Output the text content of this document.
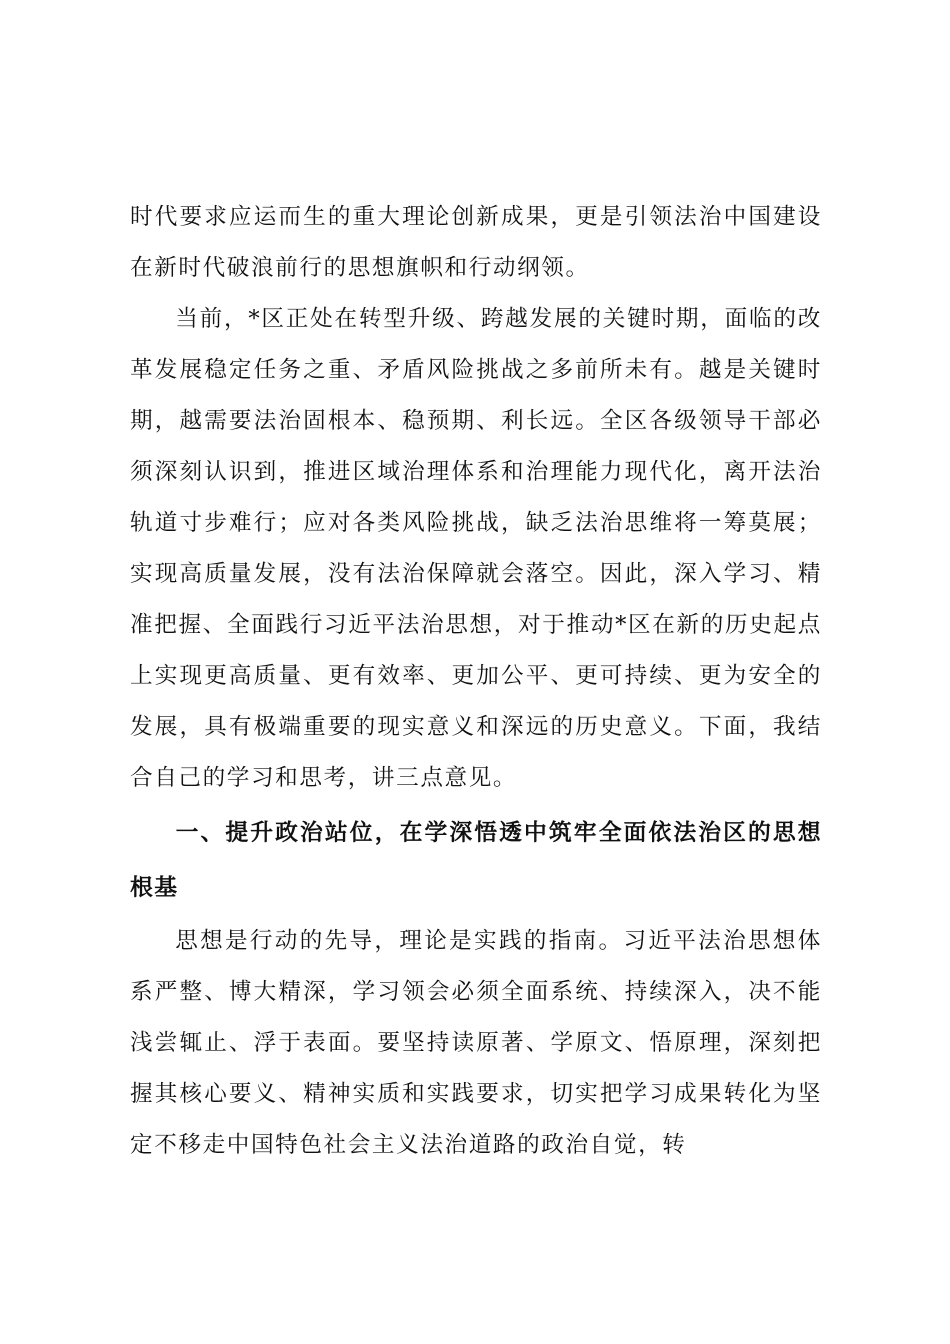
时代要求应运而生的重大理论创新成果，更是引领法治中国建设在新时代破浪前行的思想旗帜和行动纲领。

当前，*区正处在转型升级、跨越发展的关键时期，面临的改革发展稳定任务之重、矛盾风险挑战之多前所未有。越是关键时期，越需要法治固根本、稳预期、利长远。全区各级领导干部必须深刻认识到，推进区域治理体系和治理能力现代化，离开法治轨道寸步难行；应对各类风险挑战，缺乏法治思维将一筹莫展；实现高质量发展，没有法治保障就会落空。因此，深入学习、精准把握、全面践行习近平法治思想，对于推动*区在新的历史起点上实现更高质量、更有效率、更加公平、更可持续、更为安全的发展，具有极端重要的现实意义和深远的历史意义。下面，我结合自己的学习和思考，讲三点意见。

一、提升政治站位，在学深悟透中筑牢全面依法治区的思想根基

思想是行动的先导，理论是实践的指南。习近平法治思想体系严整、博大精深，学习领会必须全面系统、持续深入，决不能浅尝辄止、浮于表面。要坚持读原著、学原文、悟原理，深刻把握其核心要义、精神实质和实践要求，切实把学习成果转化为坚定不移走中国特色社会主义法治道路的政治自觉，转
